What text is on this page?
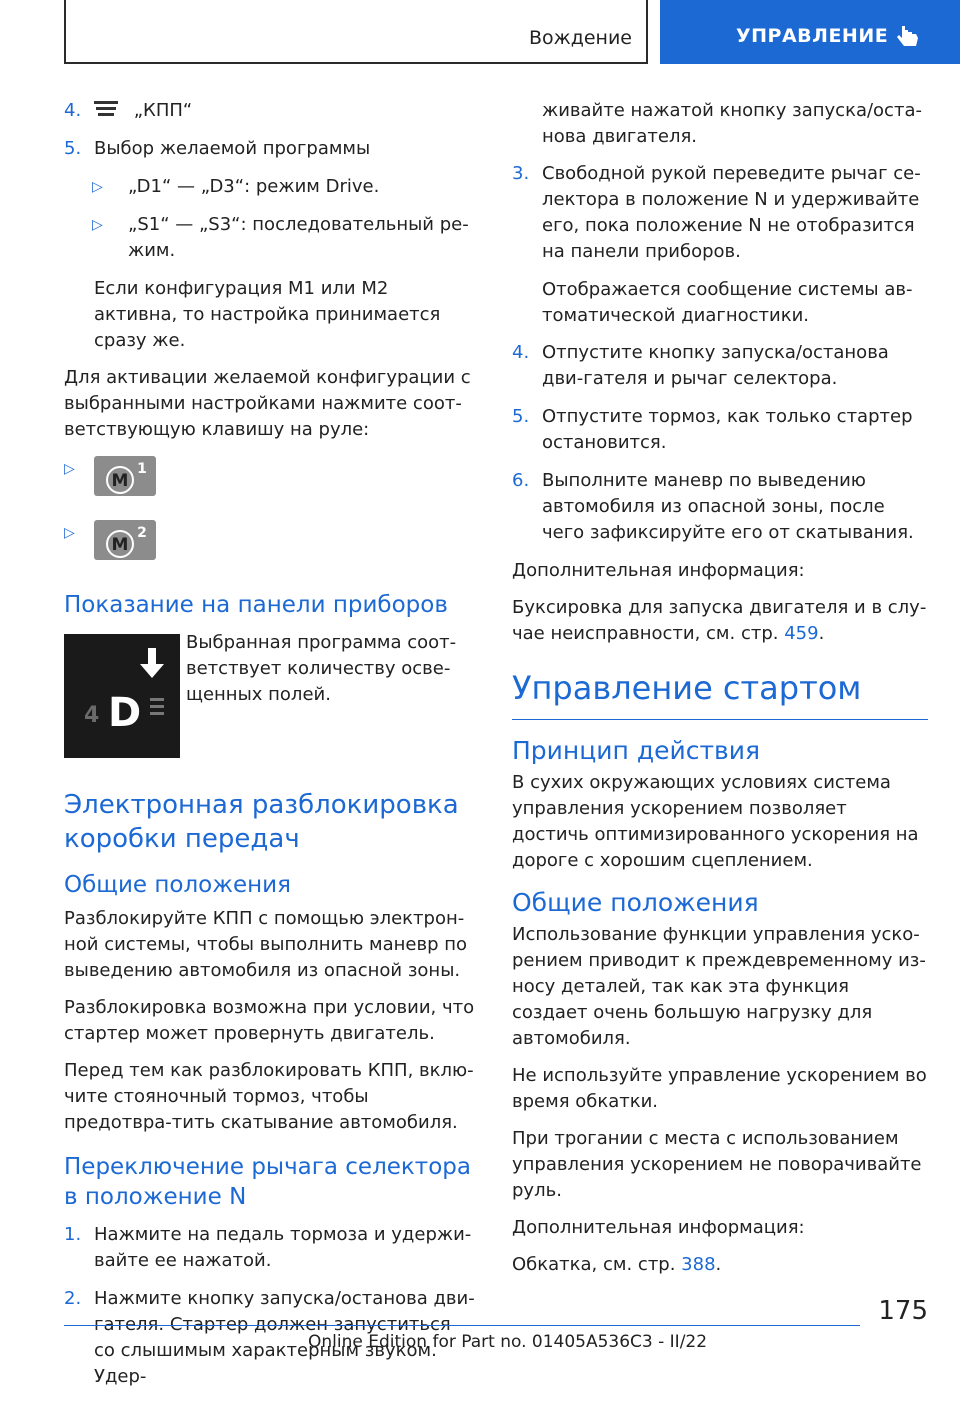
Вождение	УПРАВЛЕНИЕ
4.	„КПП“
5. Выбор желаемой программы
▷ „D1“ — „D3“: режим Drive.
▷ „S1“ — „S3“: последовательный ре-жим.

Если конфигурация M1 или M2 активна, то настройка принимается сразу же.

Для активации желаемой конфигурации с выбранными настройками нажмите соот-ветствующую клавишу на руле:

▷
M
1
▷
M
2
Показание на панели приборов
4 D
Выбранная программа соот-ветствует количеству осве-щенных полей.
Электронная разблокировка коробки передач
Общие положения

Разблокируйте КПП с помощью электрон-ной системы, чтобы выполнить маневр по выведению автомобиля из опасной зоны.

Разблокировка возможна при условии, что стартер может провернуть двигатель.

Перед тем как разблокировать КПП, вклю-чите стояночный тормоз, чтобы предотвра-тить скатывание автомобиля.

Переключение рычага селектора в положение N
1. Нажмите на педаль тормоза и удержи-вайте ее нажатой.
2. Нажмите кнопку запуска/останова дви-гателя. Стартер должен запуститься со слышимым характерным звуком. Удер-

живайте нажатой кнопку запуска/оста-нова двигателя.

3. Свободной рукой переведите рычаг се-лектора в положение N и удерживайте его, пока положение N не отобразится на панели приборов.

Отображается сообщение системы ав-томатической диагностики.

4. Отпустите кнопку запуска/останова дви-гателя и рычаг селектора.
5. Отпустите тормоз, как только стартер остановится.
6. Выполните маневр по выведению автомобиля из опасной зоны, после чего зафиксируйте его от скатывания.

Дополнительная информация:

Буксировка для запуска двигателя и в слу-чае неисправности, см. стр. 459.

Управление стартом
Принцип действия

В сухих окружающих условиях система управления ускорением позволяет достичь оптимизированного ускорения на дороге с хорошим сцеплением.

Общие положения

Использование функции управления уско-рением приводит к преждевременному из-носу деталей, так как эта функция создает очень большую нагрузку для автомобиля.

Не используйте управление ускорением во время обкатки.

При трогании с места с использованием управления ускорением не поворачивайте руль.

Дополнительная информация:

Обкатка, см. стр. 388.

175
Online Edition for Part no. 01405A536C3 - II/22
